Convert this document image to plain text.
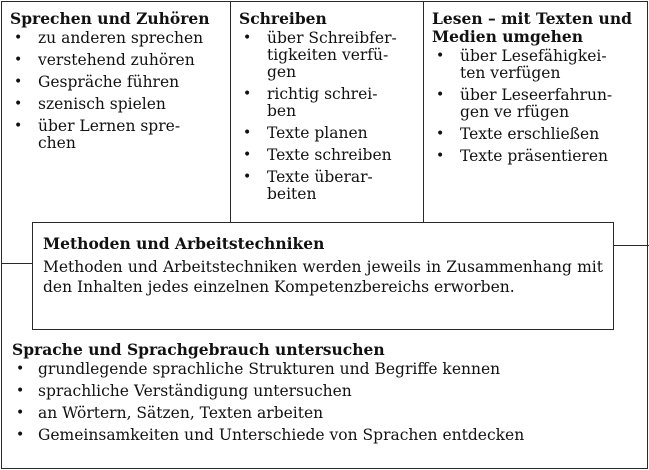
Sprechen und Zuhören
• zu anderen sprechen
• verstehend zuhören
• Gespräche führen
• szenisch spielen
• über Lernen spre-
chen
Schreiben
• über Schreibfer-
tigkeiten verfü-
gen
• richtig schrei-
ben
• Texte planen
• Texte schreiben
• Texte überar-
beiten
Lesen – mit Texten und
Medien umgehen
• über Lesefähigkei-
ten verfügen
• über Leseerfahrun-
gen ve rfügen
• Texte erschließen
• Texte präsentieren
Methoden und Arbeitstechniken

Methoden und Arbeitstechniken werden jeweils in Zusammenhang mit den Inhalten jedes einzelnen Kompetenzbereichs erworben.

Sprache und Sprachgebrauch untersuchen
• grundlegende sprachliche Strukturen und Begriffe kennen
• sprachliche Verständigung untersuchen
• an Wörtern, Sätzen, Texten arbeiten
• Gemeinsamkeiten und Unterschiede von Sprachen entdecken
